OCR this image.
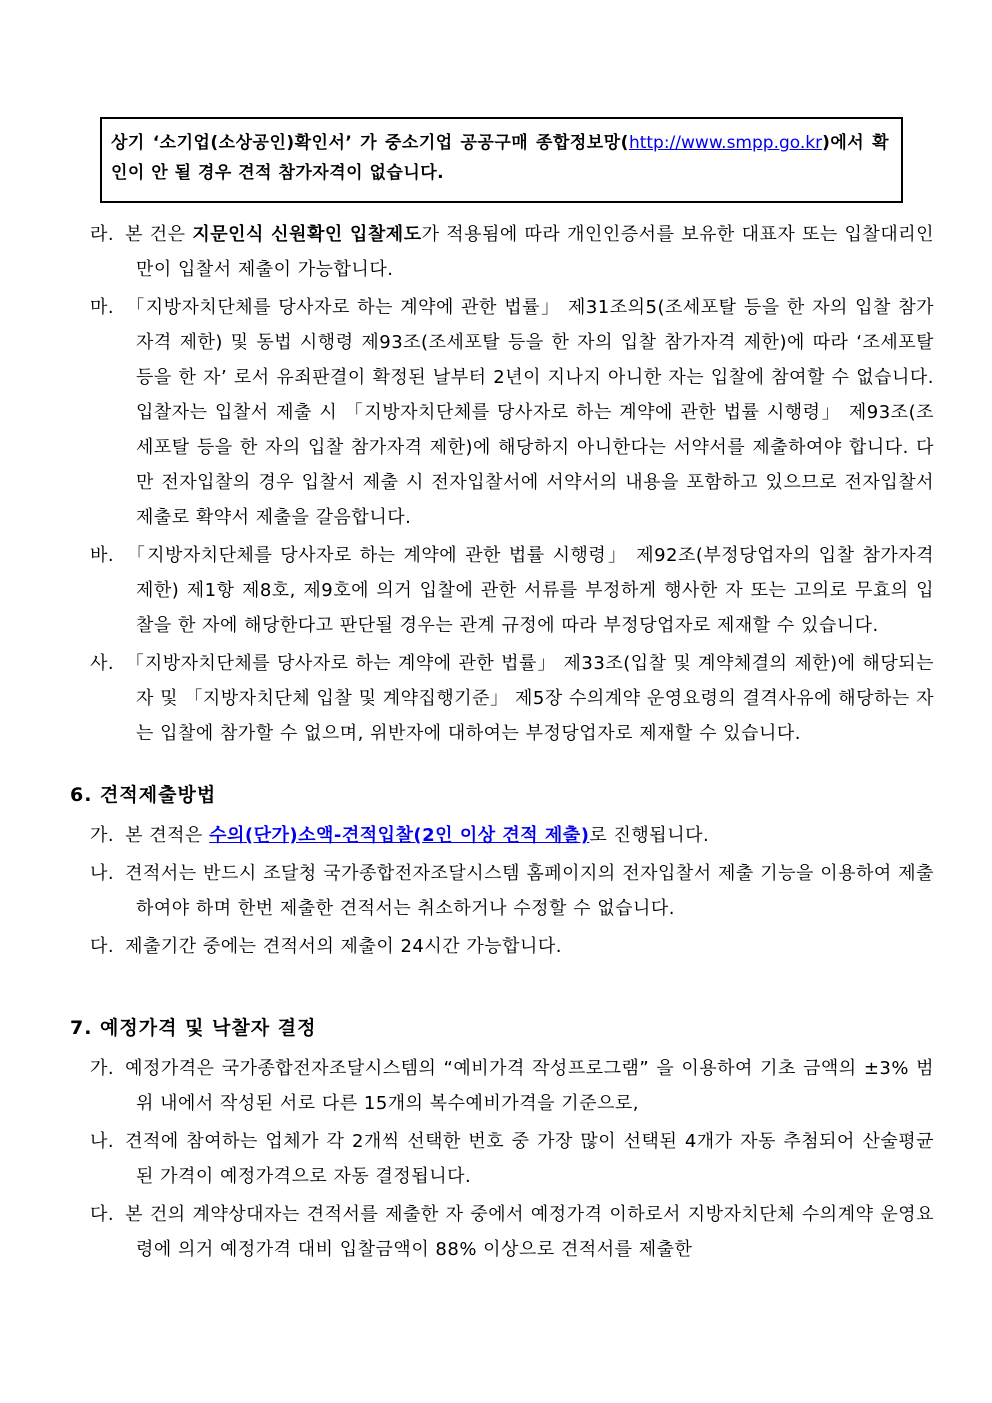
상기 ‘소기업(소상공인)확인서’ 가 중소기업 공공구매 종합정보망(http://www.smpp.go.kr)에서 확인이 안 될 경우 견적 참가자격이 없습니다.
라. 본 건은 지문인식 신원확인 입찰제도가 적용됨에 따라 개인인증서를 보유한 대표자 또는 입찰대리인만이 입찰서 제출이 가능합니다.
마. 「지방자치단체를 당사자로 하는 계약에 관한 법률」 제31조의5(조세포탈 등을 한 자의 입찰 참가자격 제한) 및 동법 시행령 제93조(조세포탈 등을 한 자의 입찰 참가자격 제한)에 따라 ‘조세포탈 등을 한 자’ 로서 유죄판결이 확정된 날부터 2년이 지나지 아니한 자는 입찰에 참여할 수 없습니다. 입찰자는 입찰서 제출 시 「지방자치단체를 당사자로 하는 계약에 관한 법률 시행령」 제93조(조세포탈 등을 한 자의 입찰 참가자격 제한)에 해당하지 아니한다는 서약서를 제출하여야 합니다. 다만 전자입찰의 경우 입찰서 제출 시 전자입찰서에 서약서의 내용을 포함하고 있으므로 전자입찰서 제출로 확약서 제출을 갈음합니다.
바. 「지방자치단체를 당사자로 하는 계약에 관한 법률 시행령」 제92조(부정당업자의 입찰 참가자격 제한) 제1항 제8호, 제9호에 의거 입찰에 관한 서류를 부정하게 행사한 자 또는 고의로 무효의 입찰을 한 자에 해당한다고 판단될 경우는 관계 규정에 따라 부정당업자로 제재할 수 있습니다.
사. 「지방자치단체를 당사자로 하는 계약에 관한 법률」 제33조(입찰 및 계약체결의 제한)에 해당되는 자 및 「지방자치단체 입찰 및 계약집행기준」 제5장 수의계약 운영요령의 결격사유에 해당하는 자는 입찰에 참가할 수 없으며, 위반자에 대하여는 부정당업자로 제재할 수 있습니다.
6. 견적제출방법
가. 본 견적은 수의(단가)소액-견적입찰(2인 이상 견적 제출)로 진행됩니다.
나. 견적서는 반드시 조달청 국가종합전자조달시스템 홈페이지의 전자입찰서 제출 기능을 이용하여 제출하여야 하며 한번 제출한 견적서는 취소하거나 수정할 수 없습니다.
다. 제출기간 중에는 견적서의 제출이 24시간 가능합니다.
7. 예정가격 및 낙찰자 결정
가. 예정가격은 국가종합전자조달시스템의 “예비가격 작성프로그램” 을 이용하여 기초 금액의 ±3% 범위 내에서 작성된 서로 다른 15개의 복수예비가격을 기준으로,
나. 견적에 참여하는 업체가 각 2개씩 선택한 번호 중 가장 많이 선택된 4개가 자동 추첨되어 산술평균 된 가격이 예정가격으로 자동 결정됩니다.
다. 본 건의 계약상대자는 견적서를 제출한 자 중에서 예정가격 이하로서 지방자치단체 수의계약 운영요령에 의거 예정가격 대비 입찰금액이 88% 이상으로 견적서를 제출한
